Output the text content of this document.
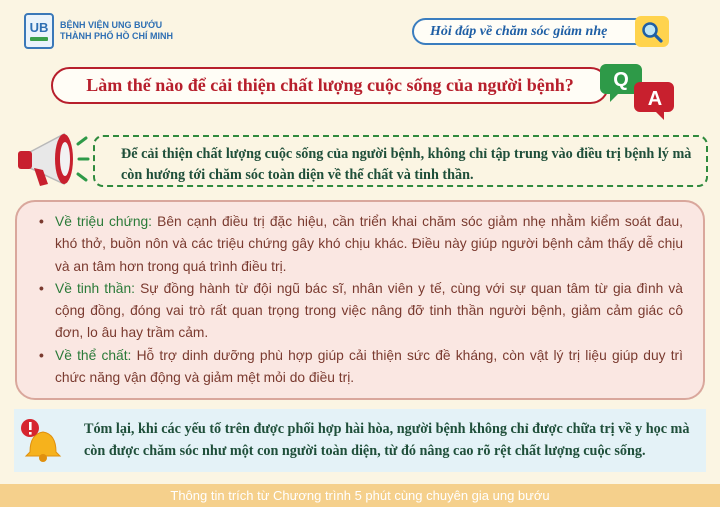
UB BỆNH VIỆN UNG BƯỚU
THÀNH PHỐ HỒ CHÍ MINH	Hỏi đáp về chăm sóc giảm nhẹ
Làm thế nào để cải thiện chất lượng cuộc sống của người bệnh? Q
A
Để cải thiện chất lượng cuộc sống của người bệnh, không chỉ tập trung vào điều trị bệnh lý mà còn hướng tới chăm sóc toàn diện về thể chất và tinh thần.
• Về triệu chứng: Bên cạnh điều trị đặc hiệu, cần triển khai chăm sóc giảm nhẹ nhằm kiểm soát đau, khó thở, buồn nôn và các triệu chứng gây khó chịu khác. Điều này giúp người bệnh cảm thấy dễ chịu và an tâm hơn trong quá trình điều trị.
• Về tinh thần: Sự đồng hành từ đội ngũ bác sĩ, nhân viên y tế, cùng với sự quan tâm từ gia đình và cộng đồng, đóng vai trò rất quan trọng trong việc nâng đỡ tinh thần người bệnh, giảm cảm giác cô đơn, lo âu hay trầm cảm.
• Về thể chất: Hỗ trợ dinh dưỡng phù hợp giúp cải thiện sức đề kháng, còn vật lý trị liệu giúp duy trì chức năng vận động và giảm mệt mỏi do điều trị.
Tóm lại, khi các yếu tố trên được phối hợp hài hòa, người bệnh không chỉ được chữa trị về y học mà còn được chăm sóc như một con người toàn diện, từ đó nâng cao rõ rệt chất lượng cuộc sống.
Thông tin trích từ Chương trình 5 phút cùng chuyên gia ung bướu
